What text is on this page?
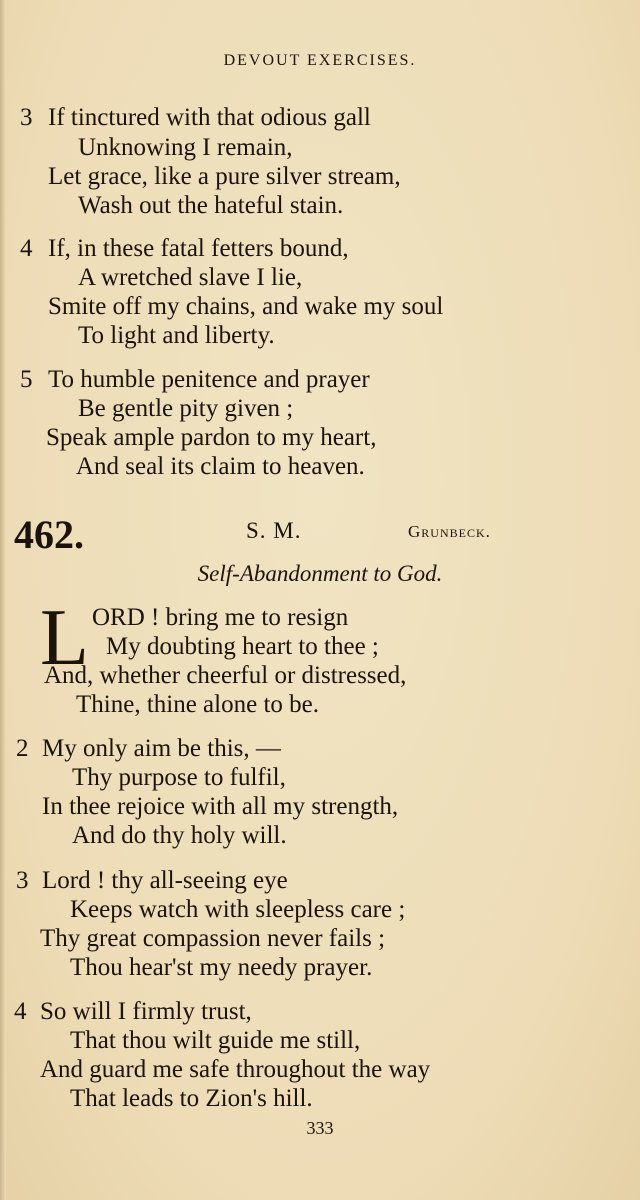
DEVOUT EXERCISES.
3 If tinctured with that odious gall
Unknowing I remain,
Let grace, like a pure silver stream,
Wash out the hateful stain.
4 If, in these fatal fetters bound,
A wretched slave I lie,
Smite off my chains, and wake my soul
To light and liberty.
5 To humble penitence and prayer
Be gentle pity given ;
Speak ample pardon to my heart,
And seal its claim to heaven.
462.	S. M.	Grunbeck.
Self-Abandonment to God.
L ORD ! bring me to resign
My doubting heart to thee ;
And, whether cheerful or distressed,
Thine, thine alone to be.
2 My only aim be this, —
Thy purpose to fulfil,
In thee rejoice with all my strength,
And do thy holy will.
3 Lord ! thy all-seeing eye
Keeps watch with sleepless care ;
Thy great compassion never fails ;
Thou hear'st my needy prayer.
4 So will I firmly trust,
That thou wilt guide me still,
And guard me safe throughout the way
That leads to Zion's hill.
333
